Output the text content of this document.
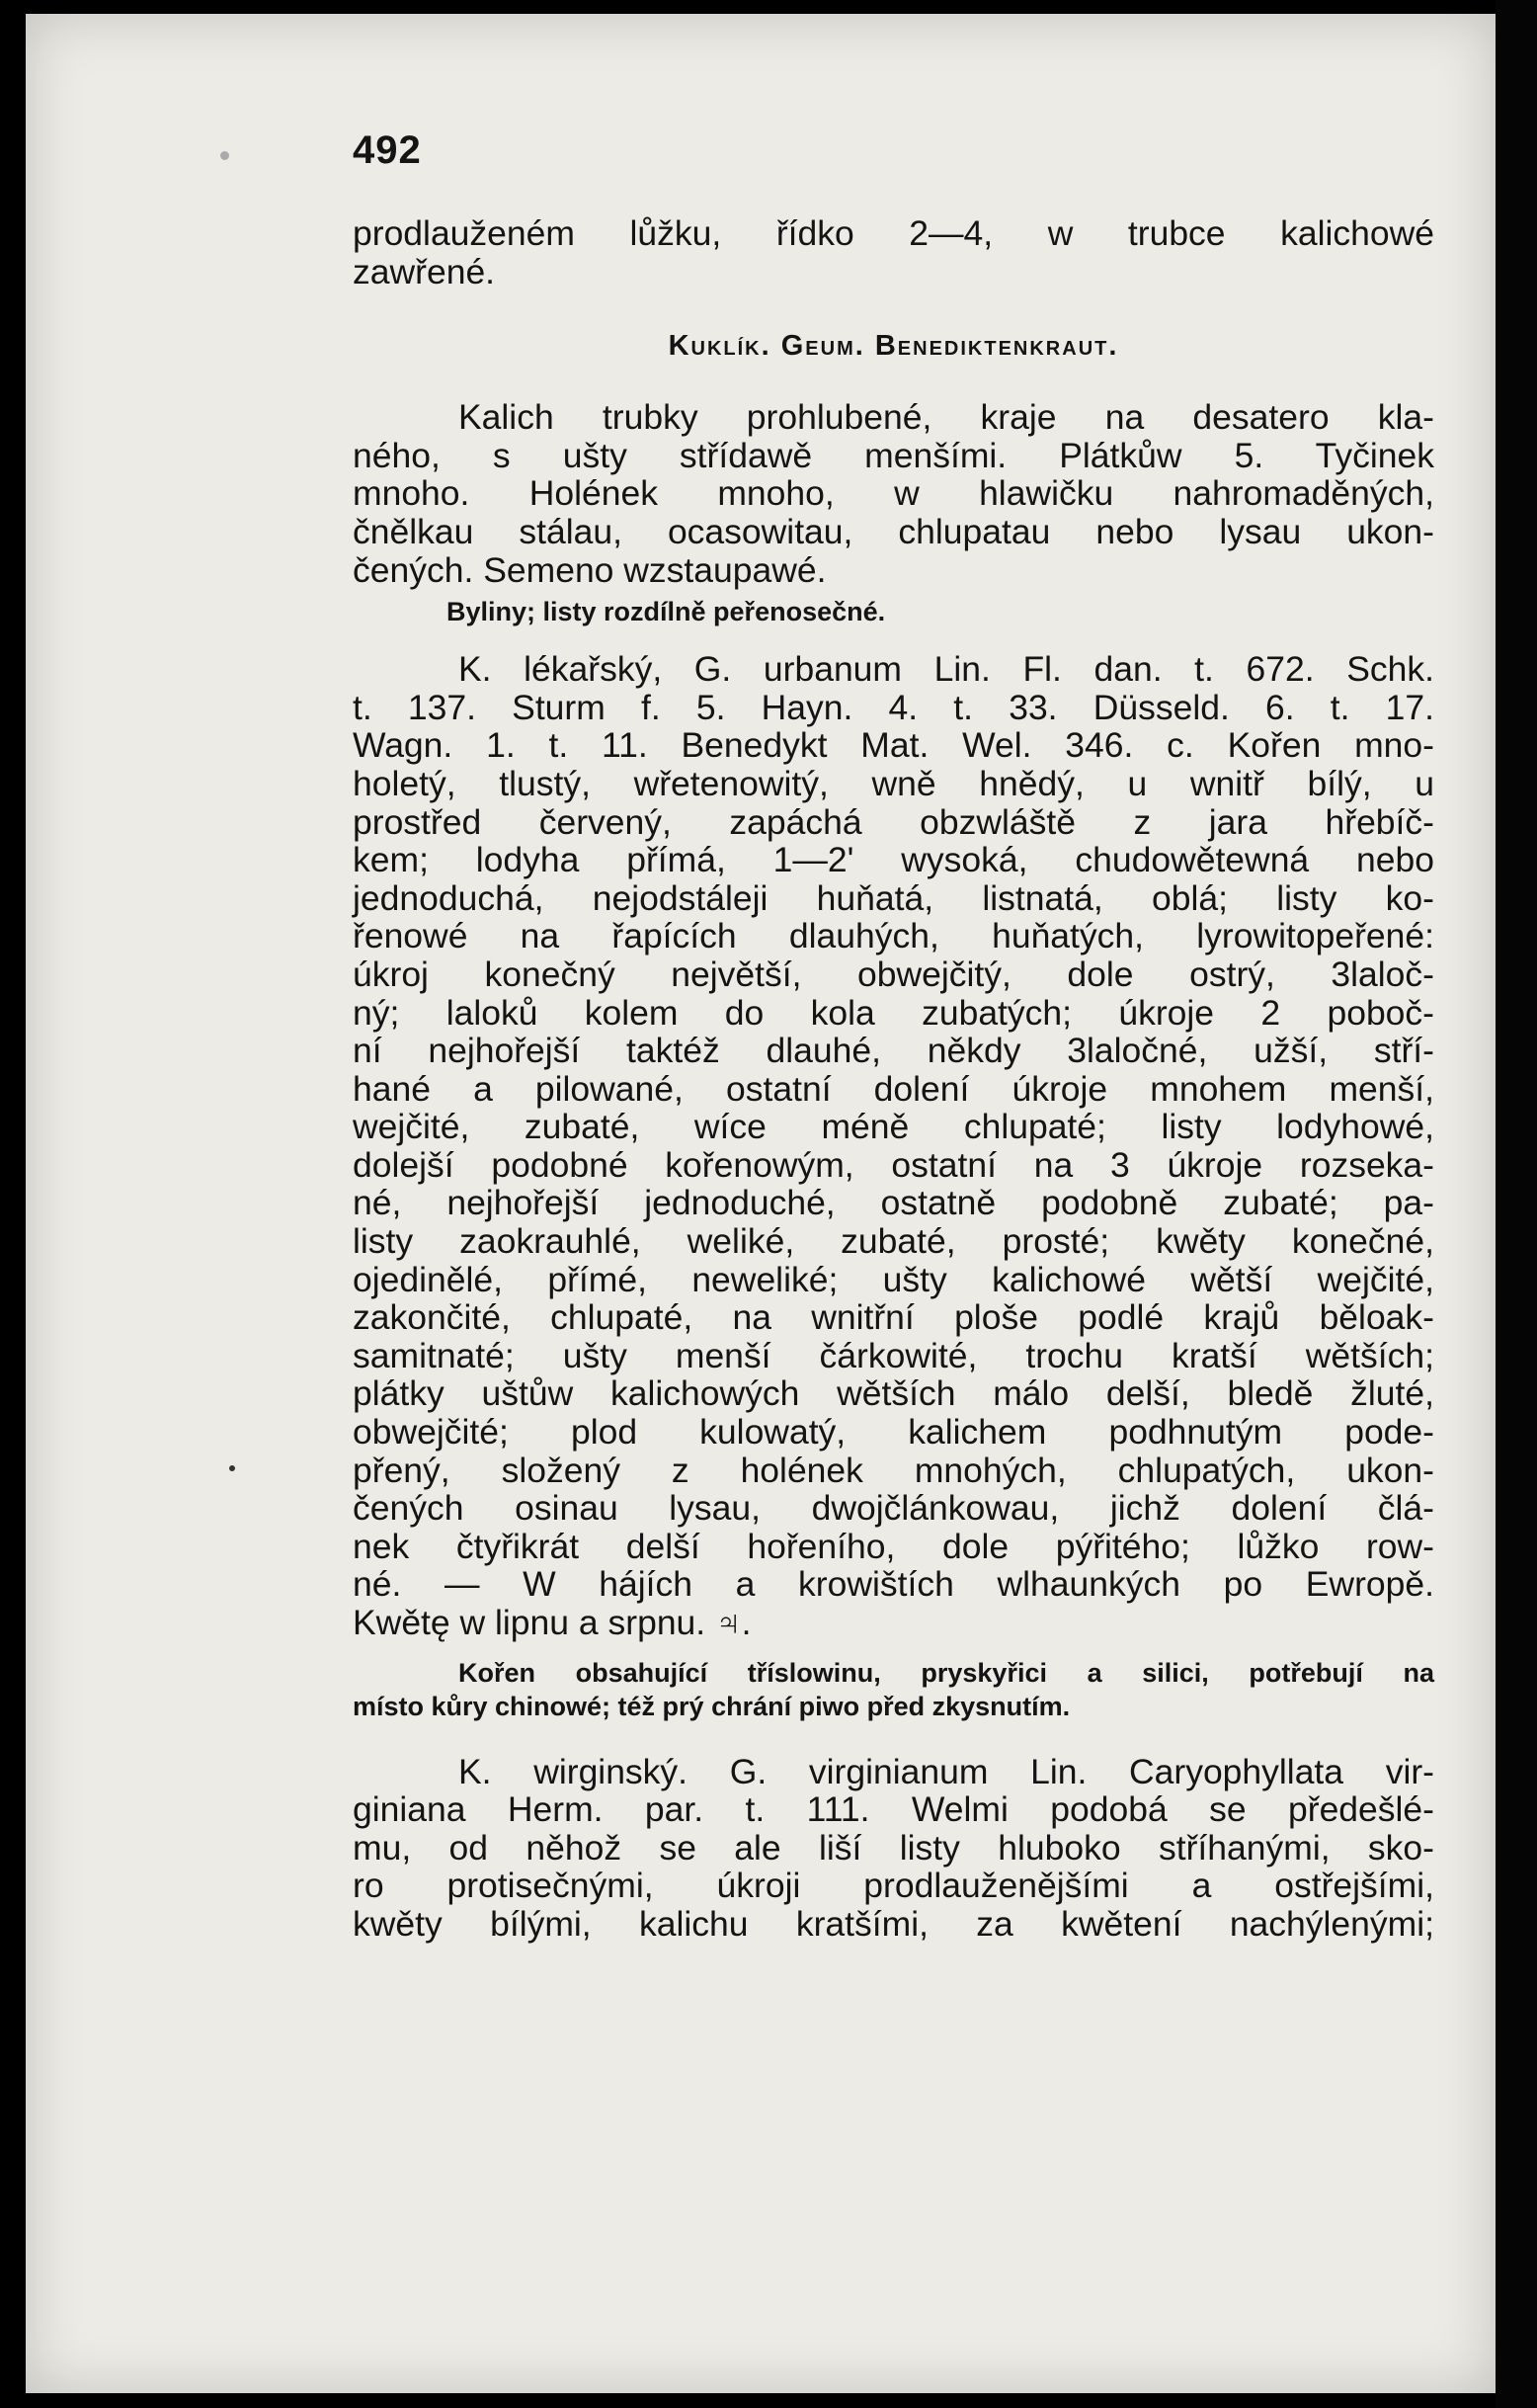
492
prodlauženém lůžku, řídko 2—4, w trubce kalichowé
zawřené.
Kuklík. Geum. Benediktenkraut.
Kalich trubky prohlubené, kraje na desatero kla-
ného, s ušty střídawě menšími. Plátkůw 5. Tyčinek
mnoho. Holének mnoho, w hlawičku nahromaděných,
čnělkau stálau, ocasowitau, chlupatau nebo lysau ukon-
čených. Semeno wzstaupawé.
Byliny; listy rozdílně peřenosečné.
K. lékařský, G. urbanum Lin. Fl. dan. t. 672. Schk.
t. 137. Sturm f. 5. Hayn. 4. t. 33. Düsseld. 6. t. 17.
Wagn. 1. t. 11. Benedykt Mat. Wel. 346. c. Kořen mno-
holetý, tlustý, wřetenowitý, wně hnědý, u wnitř bílý, u
prostřed červený, zapáchá obzwláště z jara hřebíč-
kem; lodyha přímá, 1—2' wysoká, chudowětewná nebo
jednoduchá, nejodstáleji huňatá, listnatá, oblá; listy ko-
řenowé na řapících dlauhých, huňatých, lyrowitopeřené:
úkroj konečný největší, obwejčitý, dole ostrý, 3laloč-
ný; laloků kolem do kola zubatých; úkroje 2 poboč-
ní nejhořejší taktéž dlauhé, někdy 3laločné, užší, stří-
hané a pilowané, ostatní dolení úkroje mnohem menší,
wejčité, zubaté, wíce méně chlupaté; listy lodyhowé,
dolejší podobné kořenowým, ostatní na 3 úkroje rozseka-
né, nejhořejší jednoduché, ostatně podobně zubaté; pa-
listy zaokrauhlé, weliké, zubaté, prosté; kwěty konečné,
ojedinělé, přímé, neweliké; ušty kalichowé wětší wejčité,
zakončité, chlupaté, na wnitřní ploše podlé krajů běloak-
samitnaté; ušty menší čárkowité, trochu kratší wětších;
plátky uštůw kalichowých wětších málo delší, bledě žluté,
obwejčité; plod kulowatý, kalichem podhnutým pode-
přený, složený z holének mnohých, chlupatých, ukon-
čených osinau lysau, dwojčlánkowau, jichž dolení člá-
nek čtyřikrát delší hořeního, dole pýřitého; lůžko row-
né. — W hájích a krowištích wlhaunkých po Ewropě.
Kwětę w lipnu a srpnu. ♃.
Kořen obsahující tříslowinu, pryskyřici a silici, potřebují na
místo kůry chinowé; též prý chrání piwo před zkysnutím.
K. wirginský. G. virginianum Lin. Caryophyllata vir-
giniana Herm. par. t. 111. Welmi podobá se předešlé-
mu, od něhož se ale liší listy hluboko stříhanými, sko-
ro protisečnými, úkroji prodlauženějšími a ostřejšími,
kwěty bílými, kalichu kratšími, za kwětení nachýlenými;
